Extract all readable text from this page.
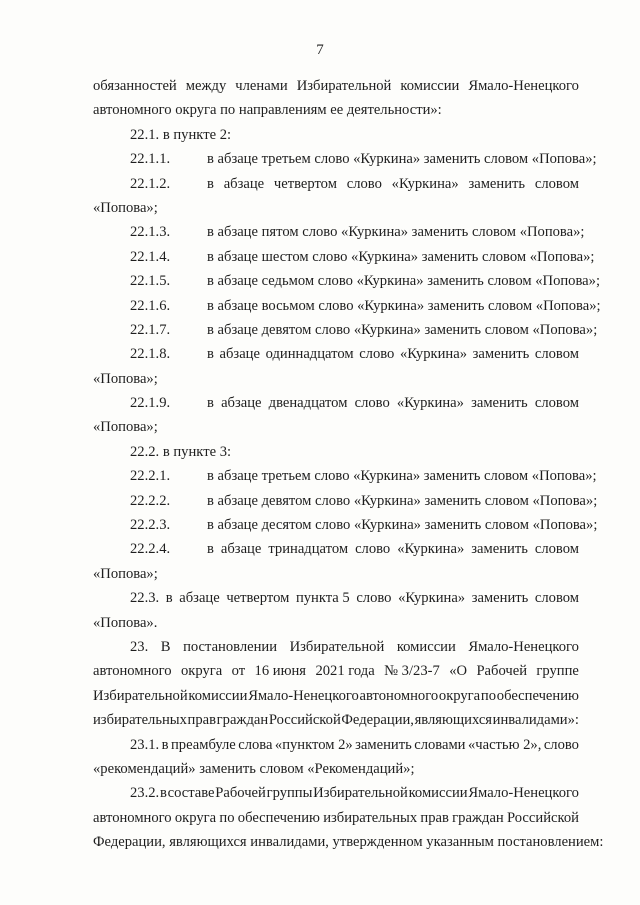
7
обязанностей между членами Избирательной комиссии Ямало-Ненецкого
автономного округа по направлениям ее деятельности»:
22.1. в пункте 2:
22.1.1.	в абзаце третьем слово «Куркина» заменить словом «Попова»;
22.1.2.	в абзаце четвертом слово «Куркина» заменить словом
«Попова»;
22.1.3.	в абзаце пятом слово «Куркина» заменить словом «Попова»;
22.1.4.	в абзаце шестом слово «Куркина» заменить словом «Попова»;
22.1.5.	в абзаце седьмом слово «Куркина» заменить словом «Попова»;
22.1.6.	в абзаце восьмом слово «Куркина» заменить словом «Попова»;
22.1.7.	в абзаце девятом слово «Куркина» заменить словом «Попова»;
22.1.8.	в абзаце одиннадцатом слово «Куркина» заменить словом
«Попова»;
22.1.9.	в абзаце двенадцатом слово «Куркина» заменить словом
«Попова»;
22.2. в пункте 3:
22.2.1.	в абзаце третьем слово «Куркина» заменить словом «Попова»;
22.2.2.	в абзаце девятом слово «Куркина» заменить словом «Попова»;
22.2.3.	в абзаце десятом слово «Куркина» заменить словом «Попова»;
22.2.4.	в абзаце тринадцатом слово «Куркина» заменить словом
«Попова»;
22.3. в абзаце четвертом пункта 5 слово «Куркина» заменить словом
«Попова».
23. В постановлении Избирательной комиссии Ямало-Ненецкого
автономного округа от 16 июня 2021 года № 3/23-7 «О Рабочей группе
Избирательной комиссии Ямало-Ненецкого автономного округа по обеспечению
избирательных прав граждан Российской Федерации, являющихся инвалидами»:
23.1. в преамбуле слова «пунктом 2» заменить словами «частью 2», слово
«рекомендаций» заменить словом «Рекомендаций»;
23.2. в составе Рабочей группы Избирательной комиссии Ямало-Ненецкого
автономного округа по обеспечению избирательных прав граждан Российской
Федерации, являющихся инвалидами, утвержденном указанным постановлением:
